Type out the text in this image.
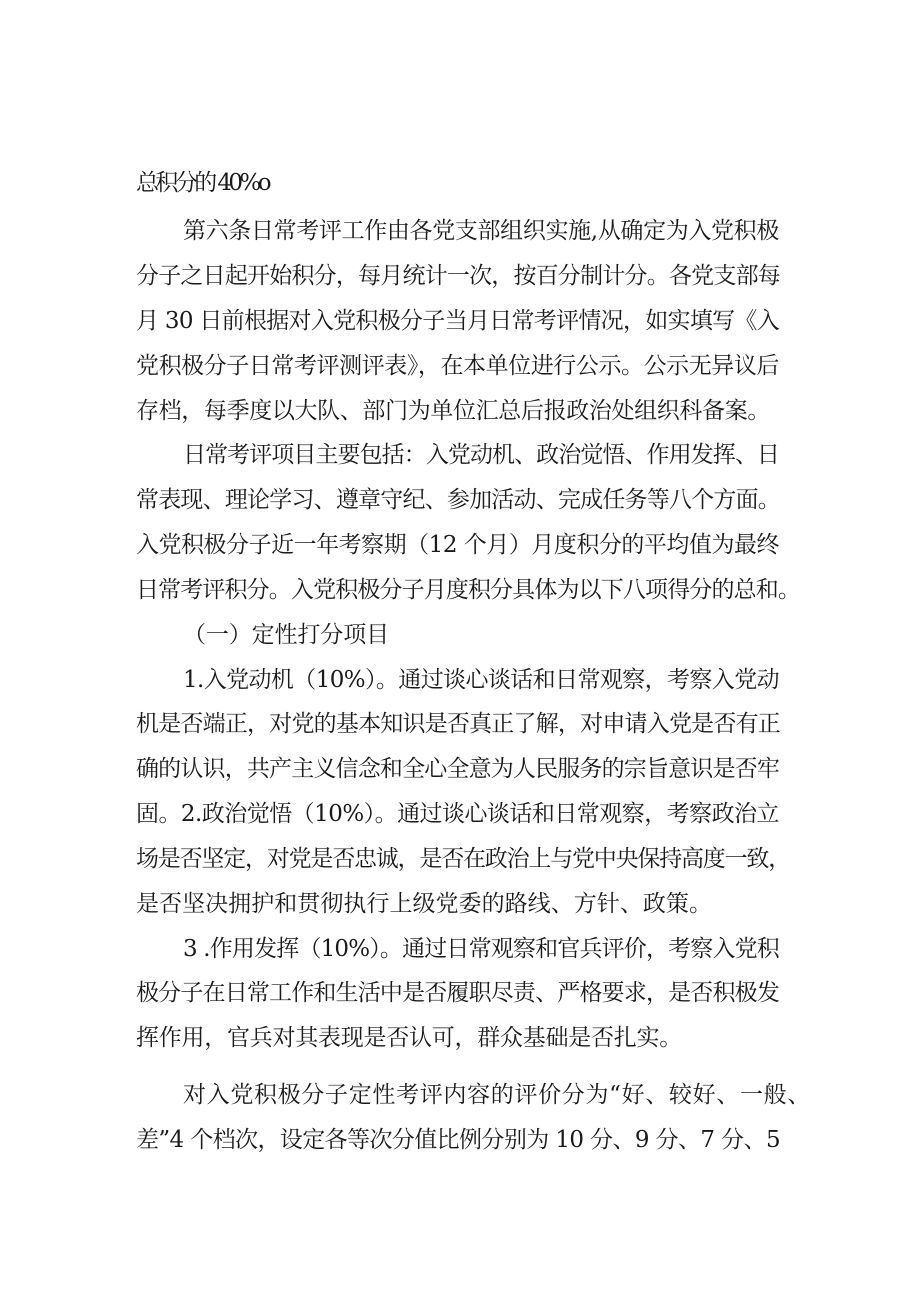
总积分的 40%o
第六条日常考评工作由各党支部组织实施,从确定为入党积极
分子之日起开始积分，每月统计一次，按百分制计分。各党支部每
月 30 日前根据对入党积极分子当月日常考评情况，如实填写《入
党积极分子日常考评测评表》，在本单位进行公示。公示无异议后
存档，每季度以大队、部门为单位汇总后报政治处组织科备案。
日常考评项目主要包括：入党动机、政治觉悟、作用发挥、日
常表现、理论学习、遵章守纪、参加活动、完成任务等八个方面。
入党积极分子近一年考察期（12 个月）月度积分的平均值为最终
日常考评积分。入党积极分子月度积分具体为以下八项得分的总和。
（一）定性打分项目
1.入党动机（10%）。通过谈心谈话和日常观察，考察入党动
机是否端正，对党的基本知识是否真正了解，对申请入党是否有正
确的认识，共产主义信念和全心全意为人民服务的宗旨意识是否牢
固。2.政治觉悟（10%）。通过谈心谈话和日常观察，考察政治立
场是否坚定，对党是否忠诚，是否在政治上与党中央保持高度一致，
是否坚决拥护和贯彻执行上级党委的路线、方针、政策。
3 .作用发挥（10%）。通过日常观察和官兵评价，考察入党积
极分子在日常工作和生活中是否履职尽责、严格要求，是否积极发
挥作用，官兵对其表现是否认可，群众基础是否扎实。
对入党积极分子定性考评内容的评价分为“好、较好、一般、
差”4 个档次，设定各等次分值比例分别为 10 分、9 分、7 分、5
